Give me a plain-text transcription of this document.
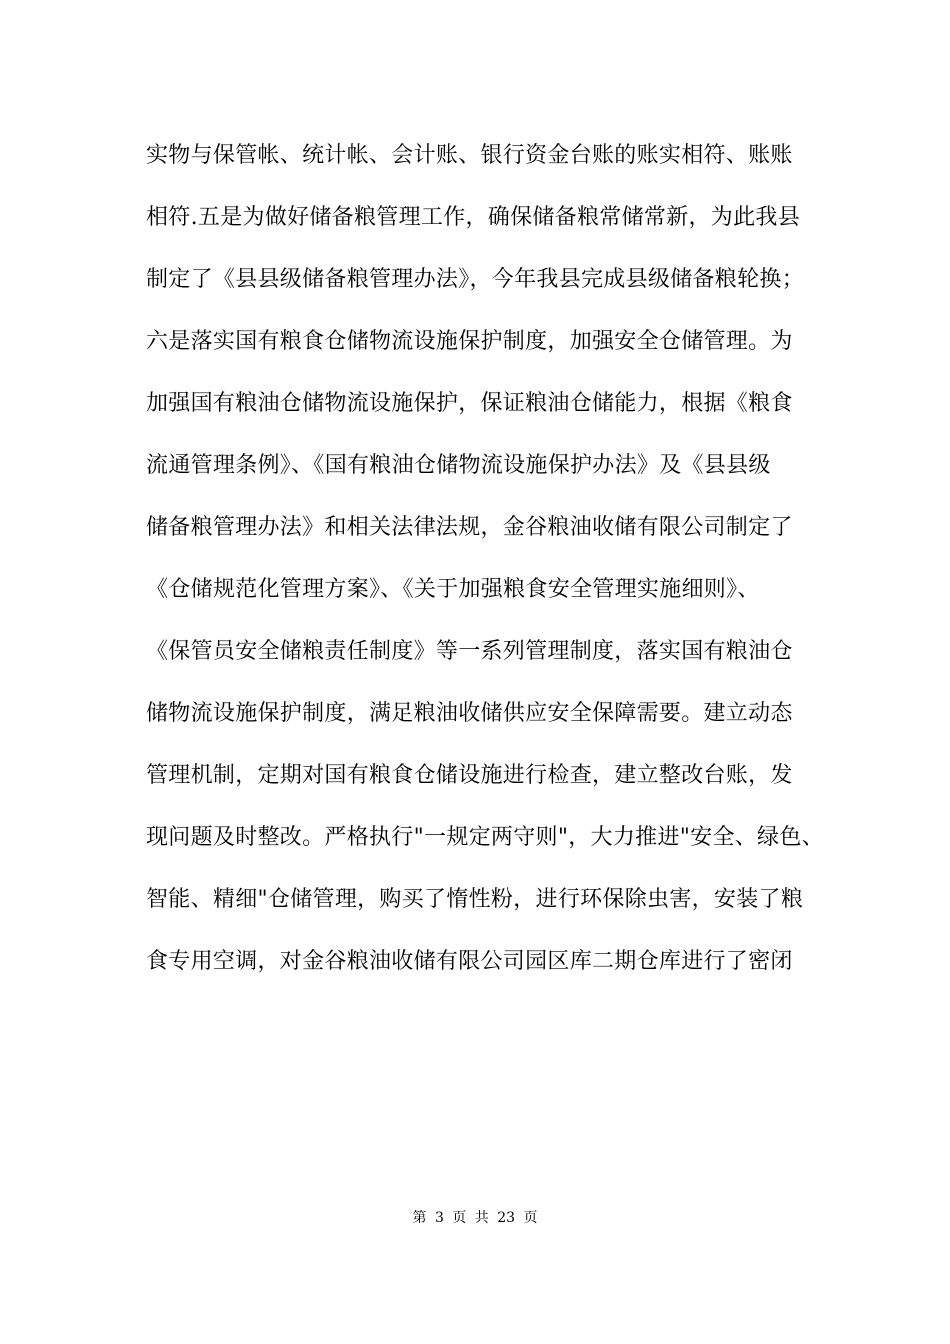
实物与保管帐、统计帐、会计账、银行资金台账的账实相符、账账
相符.五是为做好储备粮管理工作，确保储备粮常储常新，为此我县
制定了《县县级储备粮管理办法》，今年我县完成县级储备粮轮换；
六是落实国有粮食仓储物流设施保护制度，加强安全仓储管理。为
加强国有粮油仓储物流设施保护，保证粮油仓储能力，根据《粮食
流通管理条例》、《国有粮油仓储物流设施保护办法》及《县县级
储备粮管理办法》和相关法律法规，金谷粮油收储有限公司制定了
《仓储规范化管理方案》、《关于加强粮食安全管理实施细则》、
《保管员安全储粮责任制度》等一系列管理制度，落实国有粮油仓
储物流设施保护制度，满足粮油收储供应安全保障需要。建立动态
管理机制，定期对国有粮食仓储设施进行检查，建立整改台账，发
现问题及时整改。严格执行"一规定两守则"，大力推进"安全、绿色、
智能、精细"仓储管理，购买了惰性粉，进行环保除虫害，安装了粮
食专用空调，对金谷粮油收储有限公司园区库二期仓库进行了密闭
第 3 页 共 23 页
